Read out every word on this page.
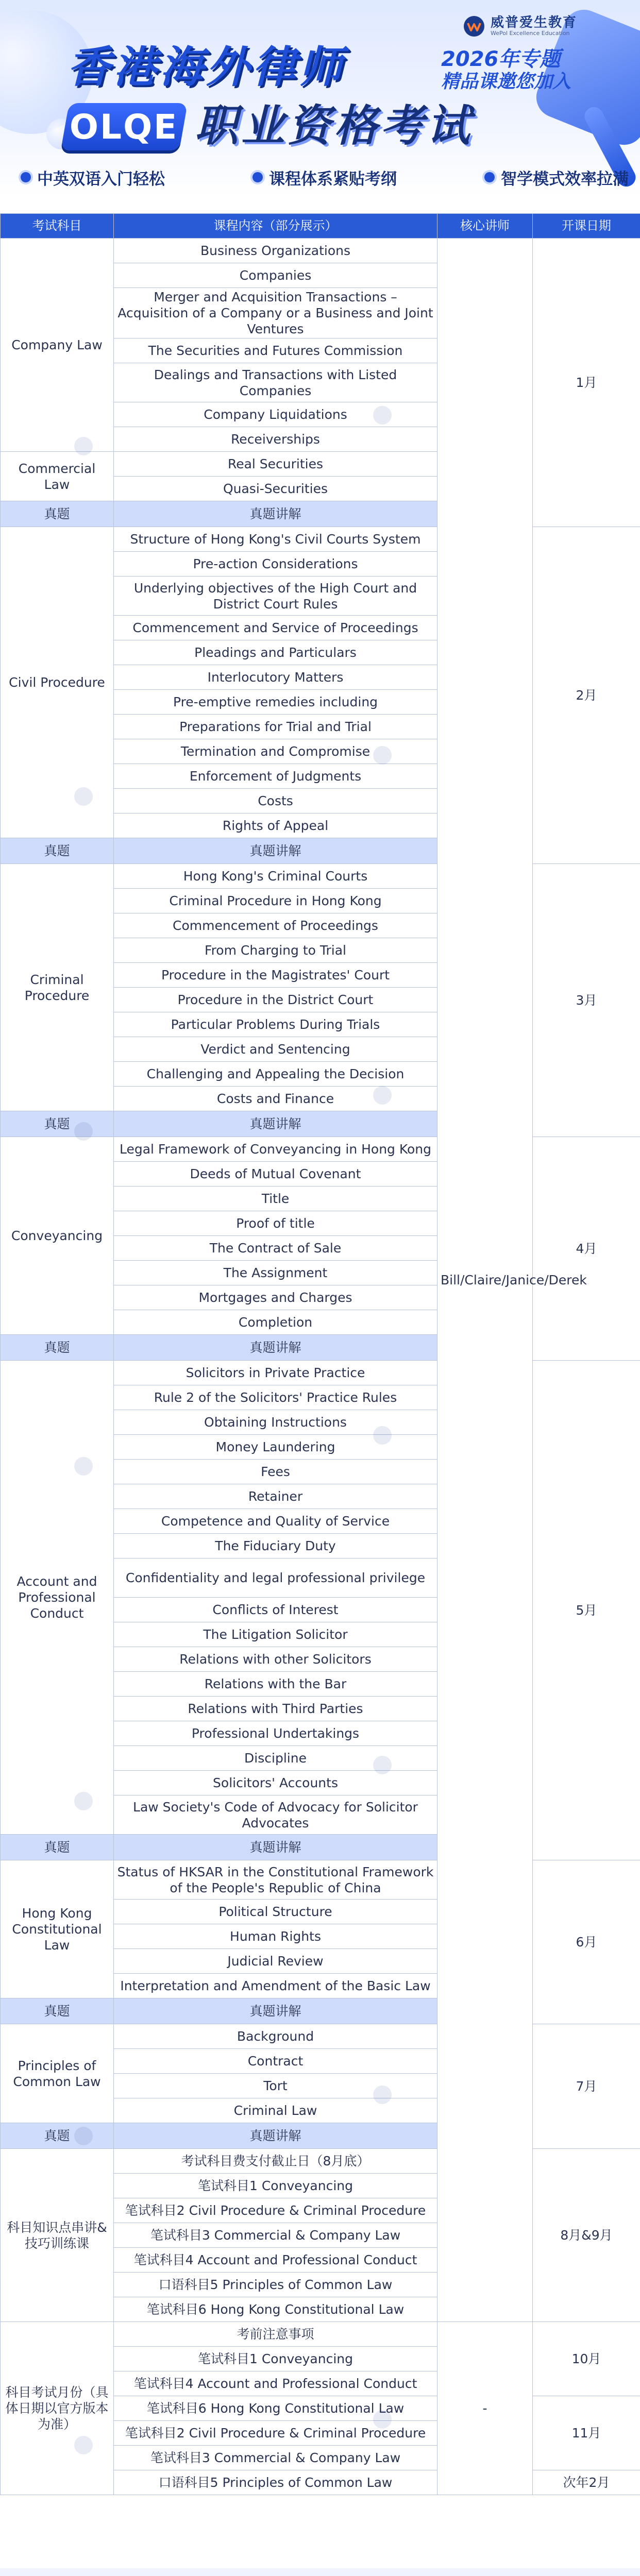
威普爱生教育
WePol Excellence Education
香港海外律师	2026年专题
精品课邀您加入
OLQE 职业资格考试
中英双语入门轻松	课程体系紧贴考纲	智学模式效率拉满
考试科目	课程内容（部分展示）	核心讲师	开课日期
Company Law	Business Organizations	Bill/Claire/Janice/Derek	1月
	Companies		
	Merger and Acquisition Transactions – Acquisition of a Company or a Business and Joint Ventures		
	The Securities and Futures Commission		
	Dealings and Transactions with Listed Companies		
	Company Liquidations		
	Receiverships		
Commercial Law	Real Securities		
	Quasi-Securities		
真题	真题讲解		
Civil Procedure	Structure of Hong Kong's Civil Courts System		2月
	Pre-action Considerations		
	Underlying objectives of the High Court and District Court Rules		
	Commencement and Service of Proceedings		
	Pleadings and Particulars		
	Interlocutory Matters		
	Pre-emptive remedies including		
	Preparations for Trial and Trial		
	Termination and Compromise		
	Enforcement of Judgments		
	Costs		
	Rights of Appeal		
真题	真题讲解		
Criminal Procedure	Hong Kong's Criminal Courts		3月
	Criminal Procedure in Hong Kong		
	Commencement of Proceedings		
	From Charging to Trial		
	Procedure in the Magistrates' Court		
	Procedure in the District Court		
	Particular Problems During Trials		
	Verdict and Sentencing		
	Challenging and Appealing the Decision		
	Costs and Finance		
真题	真题讲解		
Conveyancing	Legal Framework of Conveyancing in Hong Kong		4月
	Deeds of Mutual Covenant		
	Title		
	Proof of title		
	The Contract of Sale		
	The Assignment		
	Mortgages and Charges		
	Completion		
真题	真题讲解		
Account and Professional Conduct	Solicitors in Private Practice		5月
	Rule 2 of the Solicitors' Practice Rules		
	Obtaining Instructions		
	Money Laundering		
	Fees		
	Retainer		
	Competence and Quality of Service		
	The Fiduciary Duty		
	Confidentiality and legal professional privilege		
	Conflicts of Interest		
	The Litigation Solicitor		
	Relations with other Solicitors		
	Relations with the Bar		
	Relations with Third Parties		
	Professional Undertakings		
	Discipline		
	Solicitors' Accounts		
	Law Society's Code of Advocacy for Solicitor Advocates		
真题	真题讲解		
Hong Kong Constitutional Law	Status of HKSAR in the Constitutional Framework of the People's Republic of China		6月
	Political Structure		
	Human Rights		
	Judicial Review		
	Interpretation and Amendment of the Basic Law		
真题	真题讲解		
Principles of Common Law	Background		7月
	Contract		
	Tort		
	Criminal Law		
真题	真题讲解		
科目知识点串讲&技巧训练课	考试科目费支付截止日（8月底）		8月&9月
	笔试科目1 Conveyancing		
	笔试科目2 Civil Procedure & Criminal Procedure		
	笔试科目3 Commercial & Company Law		
	笔试科目4 Account and Professional Conduct		
	口语科目5 Principles of Common Law		
	笔试科目6 Hong Kong Constitutional Law		
科目考试月份（具体日期以官方版本为准）	考前注意事项	-	10月
	笔试科目1 Conveyancing		
	笔试科目4 Account and Professional Conduct		
	笔试科目6 Hong Kong Constitutional Law		11月
	笔试科目2 Civil Procedure & Criminal Procedure		
	笔试科目3 Commercial & Company Law		
	口语科目5 Principles of Common Law		次年2月
